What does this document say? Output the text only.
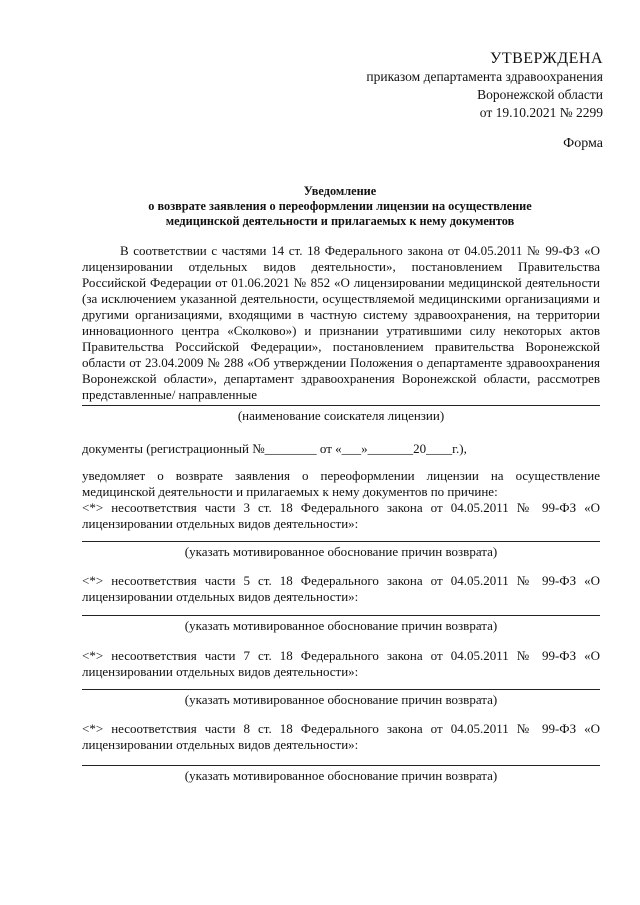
УТВЕРЖДЕНА
приказом департамента здравоохранения
Воронежской области
от 19.10.2021 № 2299
Форма
Уведомление
о возврате заявления о переоформлении лицензии на осуществление
медицинской деятельности и прилагаемых к нему документов
В соответствии с частями 14 ст. 18 Федерального закона от 04.05.2011 № 99-ФЗ «О лицензировании отдельных видов деятельности», постановлением Правительства Российской Федерации от 01.06.2021 № 852 «О лицензировании медицинской деятельности (за исключением указанной деятельности, осуществляемой медицинскими организациями и другими организациями, входящими в частную систему здравоохранения, на территории инновационного центра «Сколково») и признании утратившими силу некоторых актов Правительства Российской Федерации», постановлением правительства Воронежской области от 23.04.2009 № 288 «Об утверждении Положения о департаменте здравоохранения Воронежской области», департамент здравоохранения Воронежской области, рассмотрев представленные/ направленные
(наименование соискателя лицензии)
документы (регистрационный №________ от «___»_______20____г.),
уведомляет о возврате заявления о переоформлении лицензии на осуществление медицинской деятельности и прилагаемых к нему документов по причине:
<*> несоответствия части 3 ст. 18 Федерального закона от 04.05.2011 № 99-ФЗ «О лицензировании отдельных видов деятельности»:
(указать мотивированное обоснование причин возврата)
<*> несоответствия части 5 ст. 18 Федерального закона от 04.05.2011 № 99-ФЗ «О лицензировании отдельных видов деятельности»:
(указать мотивированное обоснование причин возврата)
<*> несоответствия части 7 ст. 18 Федерального закона от 04.05.2011 № 99-ФЗ «О лицензировании отдельных видов деятельности»:
(указать мотивированное обоснование причин возврата)
<*> несоответствия части 8 ст. 18 Федерального закона от 04.05.2011 № 99-ФЗ «О лицензировании отдельных видов деятельности»:
(указать мотивированное обоснование причин возврата)
